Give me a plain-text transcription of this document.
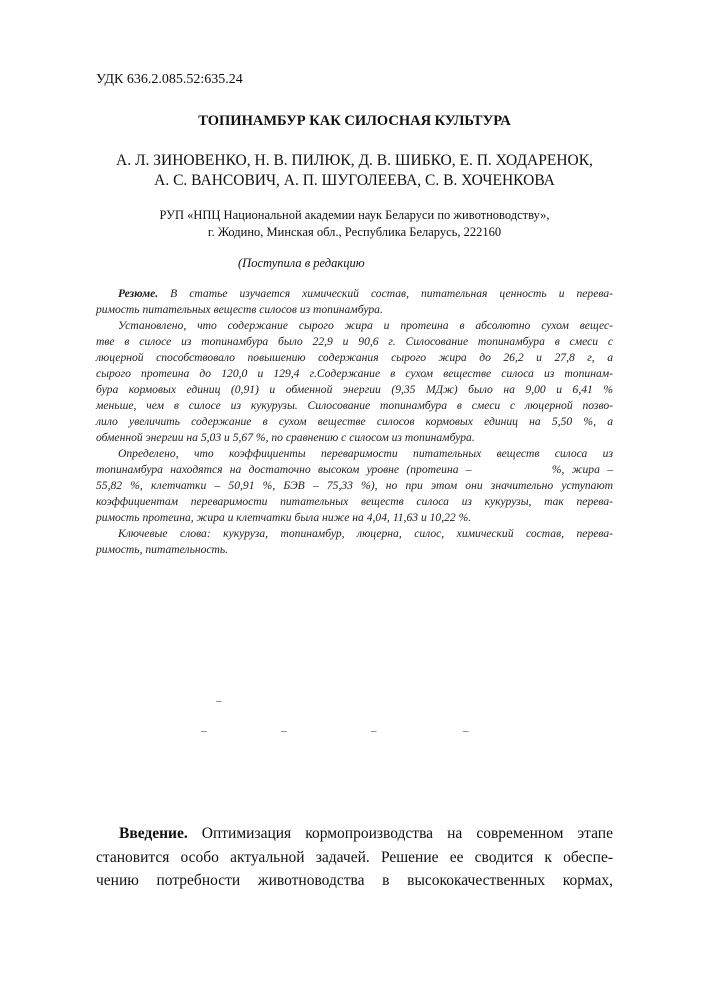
УДК 636.2.085.52:635.24
ТОПИНАМБУР КАК СИЛОСНАЯ КУЛЬТУРА
А. Л. ЗИНОВЕНКО, Н. В. ПИЛЮК, Д. В. ШИБКО, Е. П. ХОДАРЕНОК,
А. С. ВАНСОВИЧ, А. П. ШУГОЛЕЕВА, С. В. ХОЧЕНКОВА
РУП «НПЦ Национальной академии наук Беларуси по животноводству»,
г. Жодино, Минская обл., Республика Беларусь, 222160
(Поступила в редакцию
Резюме. В статье изучается химический состав, питательная ценность и перева-
римость питательных веществ силосов из топинамбура.
Установлено, что содержание сырого жира и протеина в абсолютно сухом вещес-
тве в силосе из топинамбура было 22,9 и 90,6 г. Силосование топинамбура в смеси с
люцерной способствовало повышению содержания сырого жира до 26,2 и 27,8 г, а
сырого протеина до 120,0 и 129,4 г.Содержание в сухом веществе силоса из топинам-
бура кормовых единиц (0,91) и обменной энергии (9,35 МДж) было на 9,00 и 6,41 %
меньше, чем в силосе из кукурузы. Силосование топинамбура в смеси с люцерной позво-
лило увеличить содержание в сухом веществе силосов кормовых единиц на 5,50 %, а
обменной энергии на 5,03 и 5,67 %, по сравнению с силосом из топинамбура.
Определено, что коэффициенты переваримости питательных веществ силоса из
топинамбура находятся на достаточно высоком уровне (протеина –           %, жира –
55,82 %, клетчатки – 50,91 %, БЭВ – 75,33 %), но при этом они значительно уступают
коэффициентам переваримости питательных веществ силоса из кукурузы, так перева-
римость протеина, жира и клетчатки была ниже на 4,04, 11,63 и 10,22 %.
Ключевые слова: кукуруза, топинамбур, люцерна, силос, химический состав, перева-
римость, питательность.
–
–	–	–	–
Введение. Оптимизация кормопроизводства на современном этапе
становится особо актуальной задачей. Решение ее сводится к обеспе-
чению потребности животноводства в высококачественных кормах,
